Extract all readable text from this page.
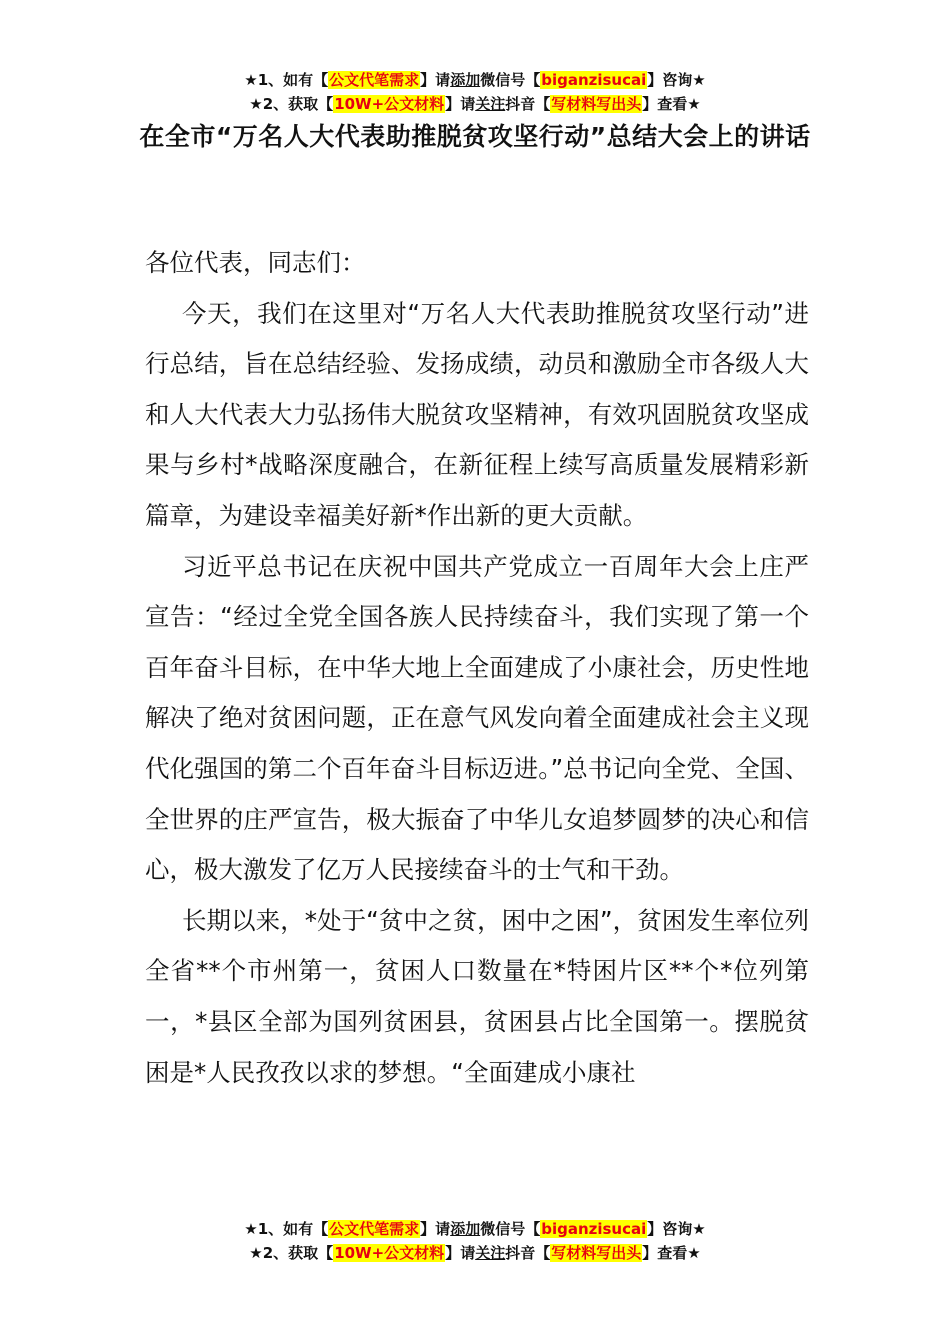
★1、如有【公文代笔需求】请添加微信号【biganzisucai】咨询★
★2、获取【10W+公文材料】请关注抖音【写材料写出头】查看★
在全市“万名人大代表助推脱贫攻坚行动”总结大会上的讲话

各位代表，同志们：

今天，我们在这里对“万名人大代表助推脱贫攻坚行动”进行总结，旨在总结经验、发扬成绩，动员和激励全市各级人大和人大代表大力弘扬伟大脱贫攻坚精神，有效巩固脱贫攻坚成果与乡村*战略深度融合，在新征程上续写高质量发展精彩新篇章，为建设幸福美好新*作出新的更大贡献。

习近平总书记在庆祝中国共产党成立一百周年大会上庄严宣告：“经过全党全国各族人民持续奋斗，我们实现了第一个百年奋斗目标，在中华大地上全面建成了小康社会，历史性地解决了绝对贫困问题，正在意气风发向着全面建成社会主义现代化强国的第二个百年奋斗目标迈进。”总书记向全党、全国、全世界的庄严宣告，极大振奋了中华儿女追梦圆梦的决心和信心，极大激发了亿万人民接续奋斗的士气和干劲。

长期以来，*处于“贫中之贫，困中之困”，贫困发生率位列全省**个市州第一，贫困人口数量在*特困片区**个*位列第一，*县区全部为国列贫困县，贫困县占比全国第一。摆脱贫困是*人民孜孜以求的梦想。“全面建成小康社

★1、如有【公文代笔需求】请添加微信号【biganzisucai】咨询★
★2、获取【10W+公文材料】请关注抖音【写材料写出头】查看★
